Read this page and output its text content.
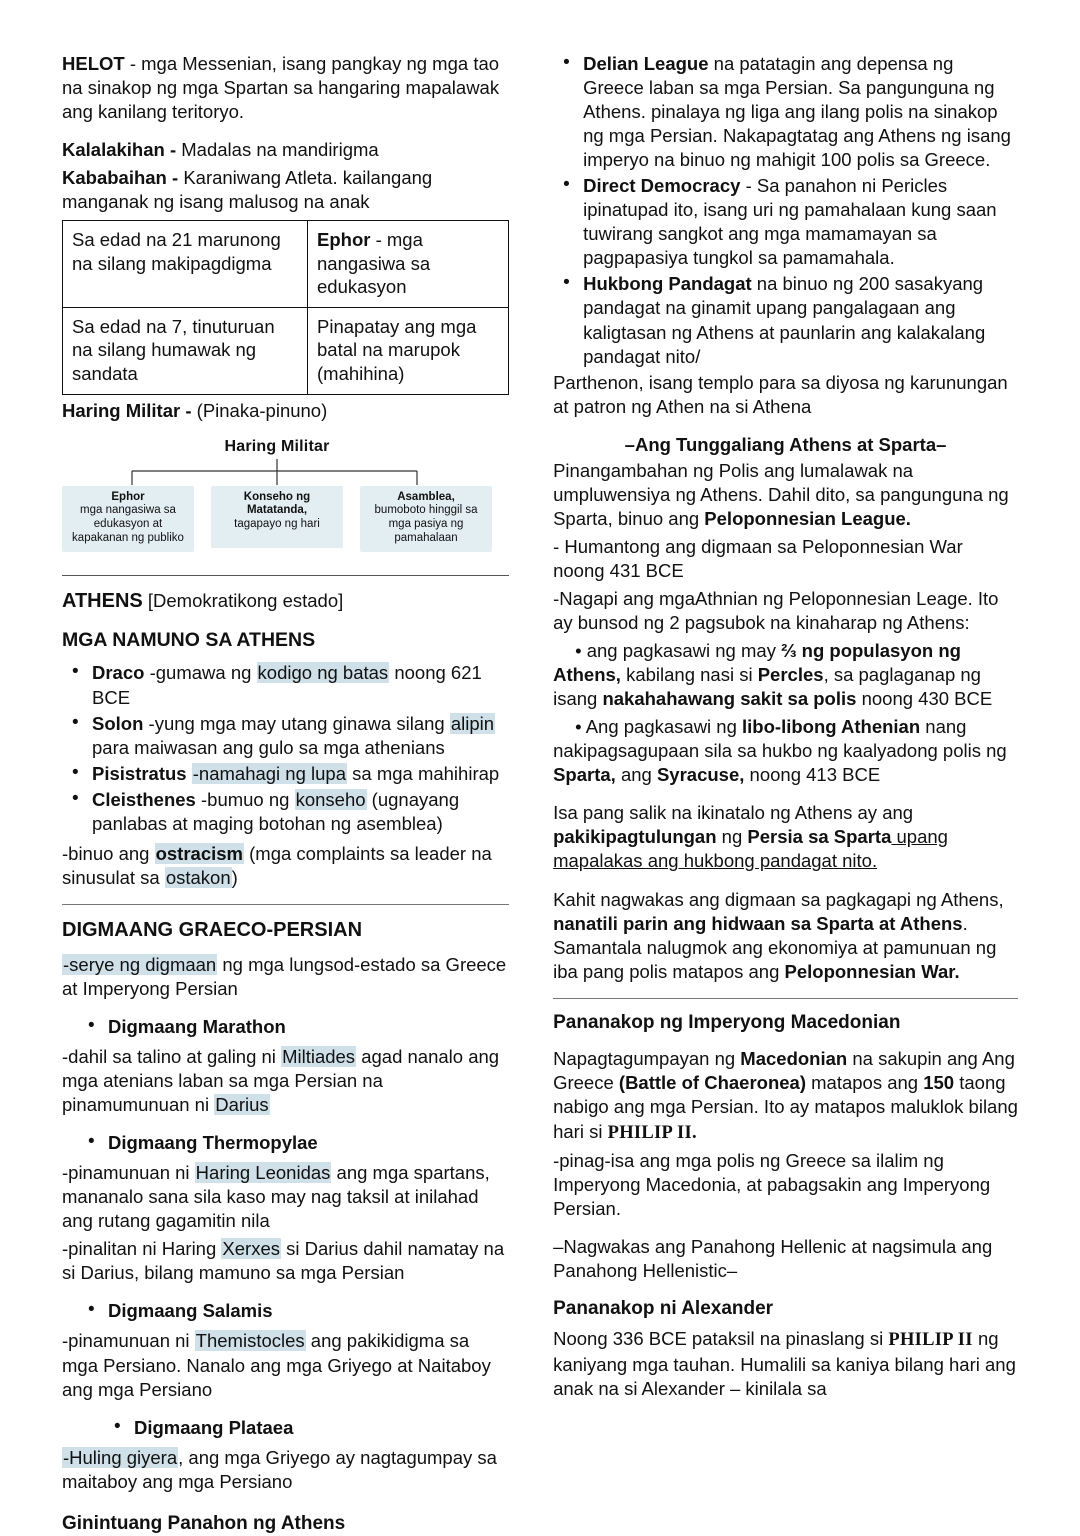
HELOT - mga Messenian, isang pangkay ng mga tao na sinakop ng mga Spartan sa hangaring mapalawak ang kanilang teritoryo.

Kalalakihan - Madalas na mandirigma

Kababaihan - Karaniwang Atleta. kailangang manganak ng isang malusog na anak

Sa edad na 21 marunong na silang makipagdigma	Ephor - mga nangasiwa sa edukasyon
Sa edad na 7, tinuturuan na silang humawak ng sandata	Pinapatay ang mga batal na marupok (mahihina)

Haring Militar - (Pinaka-pinuno)

Haring Militar
Ephor
mga nangasiwa sa edukasyon at kapakanan ng publiko
Konseho ng Matatanda,
tagapayo ng hari
Asamblea,
bumoboto hinggil sa mga pasiya ng pamahalaan

ATHENS [Demokratikong estado]

MGA NAMUNO SA ATHENS

• Draco -gumawa ng kodigo ng batas noong 621 BCE
• Solon -yung mga may utang ginawa silang alipin para maiwasan ang gulo sa mga athenians
• Pisistratus -namahagi ng lupa sa mga mahihirap
• Cleisthenes -bumuo ng konseho (ugnayang panlabas at maging botohan ng asemblea)

-binuo ang ostracism (mga complaints sa leader na sinusulat sa ostakon)

DIGMAANG GRAECO-PERSIAN

-serye ng digmaan ng mga lungsod-estado sa Greece at Imperyong Persian

• Digmaang Marathon

-dahil sa talino at galing ni Miltiades agad nanalo ang mga atenians laban sa mga Persian na pinamumunuan ni Darius

• Digmaang Thermopylae

-pinamunuan ni Haring Leonidas ang mga spartans, mananalo sana sila kaso may nag taksil at inilahad ang rutang gagamitin nila

-pinalitan ni Haring Xerxes si Darius dahil namatay na si Darius, bilang mamuno sa mga Persian

• Digmaang Salamis

-pinamunuan ni Themistocles ang pakikidigma sa mga Persiano. Nanalo ang mga Griyego at Naitaboy ang mga Persiano

• Digmaang Plataea

-Huling giyera, ang mga Griyego ay nagtagumpay sa maitaboy ang mga Persiano

Ginintuang Panahon ng Athens

• Delian League na patatagin ang depensa ng Greece laban sa mga Persian. Sa pangunguna ng Athens. pinalaya ng liga ang ilang polis na sinakop ng mga Persian. Nakapagtatag ang Athens ng isang imperyo na binuo ng mahigit 100 polis sa Greece.
• Direct Democracy - Sa panahon ni Pericles ipinatupad ito, isang uri ng pamahalaan kung saan tuwirang sangkot ang mga mamamayan sa pagpapasiya tungkol sa pamamahala.
• Hukbong Pandagat na binuo ng 200 sasakyang pandagat na ginamit upang pangalagaan ang kaligtasan ng Athens at paunlarin ang kalakalang pandagat nito/

Parthenon, isang templo para sa diyosa ng karunungan at patron ng Athen na si Athena

–Ang Tunggaliang Athens at Sparta–

Pinangambahan ng Polis ang lumalawak na umpluwensiya ng Athens. Dahil dito, sa pangunguna ng Sparta, binuo ang Peloponnesian League.

- Humantong ang digmaan sa Peloponnesian War noong 431 BCE

-Nagapi ang mgaAthnian ng Peloponnesian Leage. Ito ay bunsod ng 2 pagsubok na kinaharap ng Athens:

• ang pagkasawi ng may ⅔ ng populasyon ng Athens, kabilang nasi si Percles, sa paglaganap ng isang nakahahawang sakit sa polis noong 430 BCE

• Ang pagkasawi ng libo-libong Athenian nang nakipagsagupaan sila sa hukbo ng kaalyadong polis ng Sparta, ang Syracuse, noong 413 BCE

Isa pang salik na ikinatalo ng Athens ay ang pakikipagtulungan ng Persia sa Sparta upang mapalakas ang hukbong pandagat nito.

Kahit nagwakas ang digmaan sa pagkagapi ng Athens, nanatili parin ang hidwaan sa Sparta at Athens. Samantala nalugmok ang ekonomiya at pamunuan ng iba pang polis matapos ang Peloponnesian War.

Pananakop ng Imperyong Macedonian

Napagtagumpayan ng Macedonian na sakupin ang Ang Greece (Battle of Chaeronea) matapos ang 150 taong nabigo ang mga Persian. Ito ay matapos maluklok bilang hari si PHILIP II.

-pinag-isa ang mga polis ng Greece sa ilalim ng Imperyong Macedonia, at pabagsakin ang Imperyong Persian.

–Nagwakas ang Panahong Hellenic at nagsimula ang Panahong Hellenistic–

Pananakop ni Alexander

Noong 336 BCE pataksil na pinaslang si PHILIP II ng kaniyang mga tauhan. Humalili sa kaniya bilang hari ang anak na si Alexander – kinilala sa
